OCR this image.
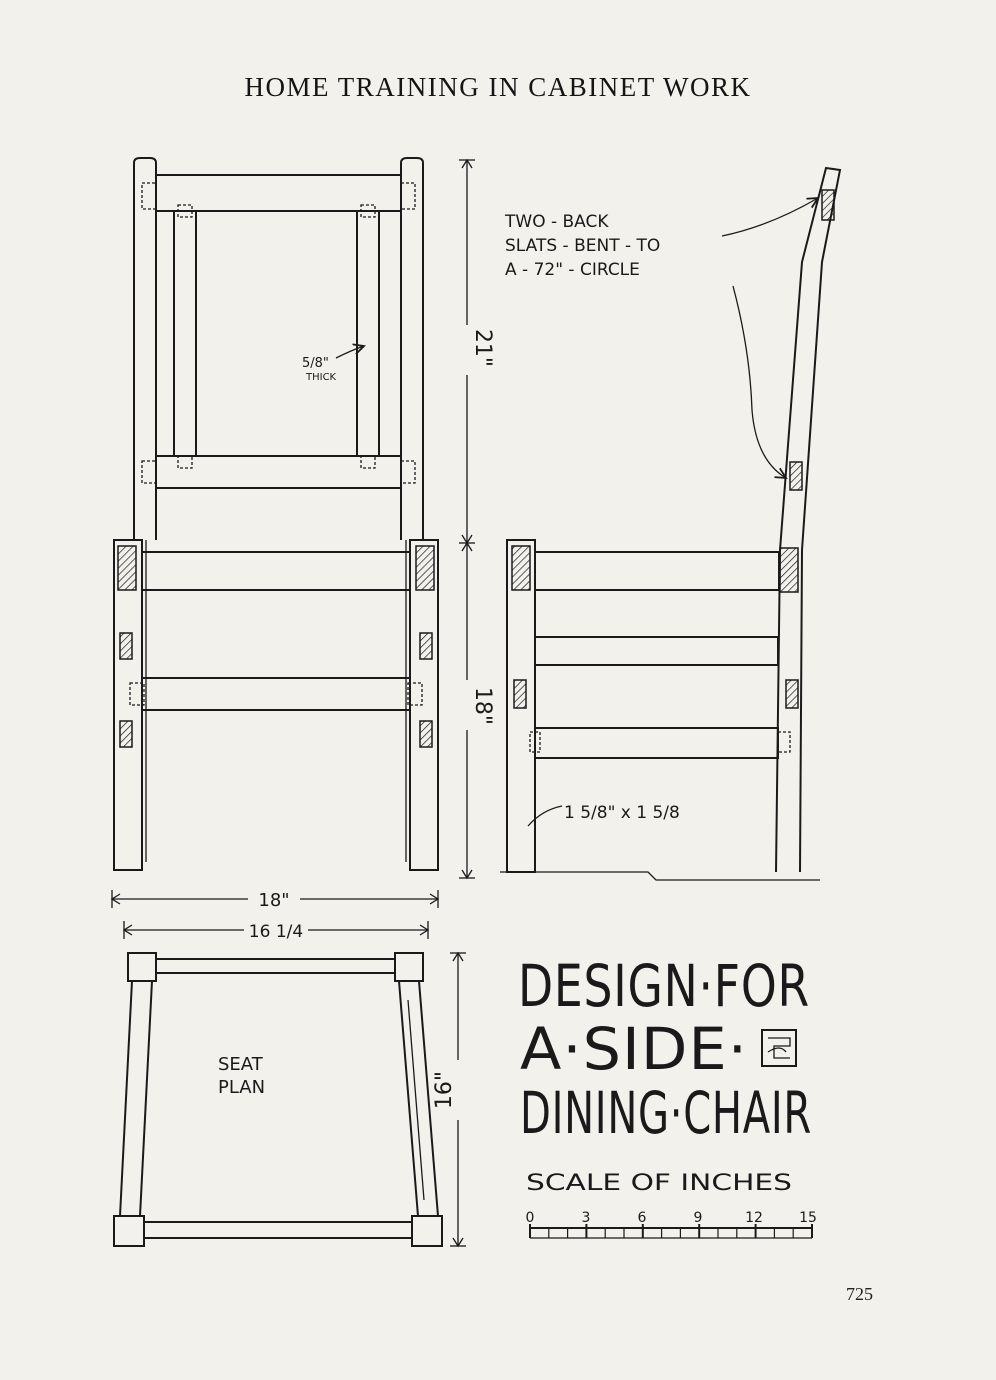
HOME TRAINING IN CABINET WORK
5/8"
THICK
21"
18"
18"
16 1/4
TWO - BACK
SLATS - BENT - TO
A - 72" - CIRCLE
1 5/8" x 1 5/8
SEAT
PLAN	16"
DESIGN·FOR
A·SIDE·
DINING·CHAIR
SCALE OF INCHES
0	3	6	9	12	15
725
